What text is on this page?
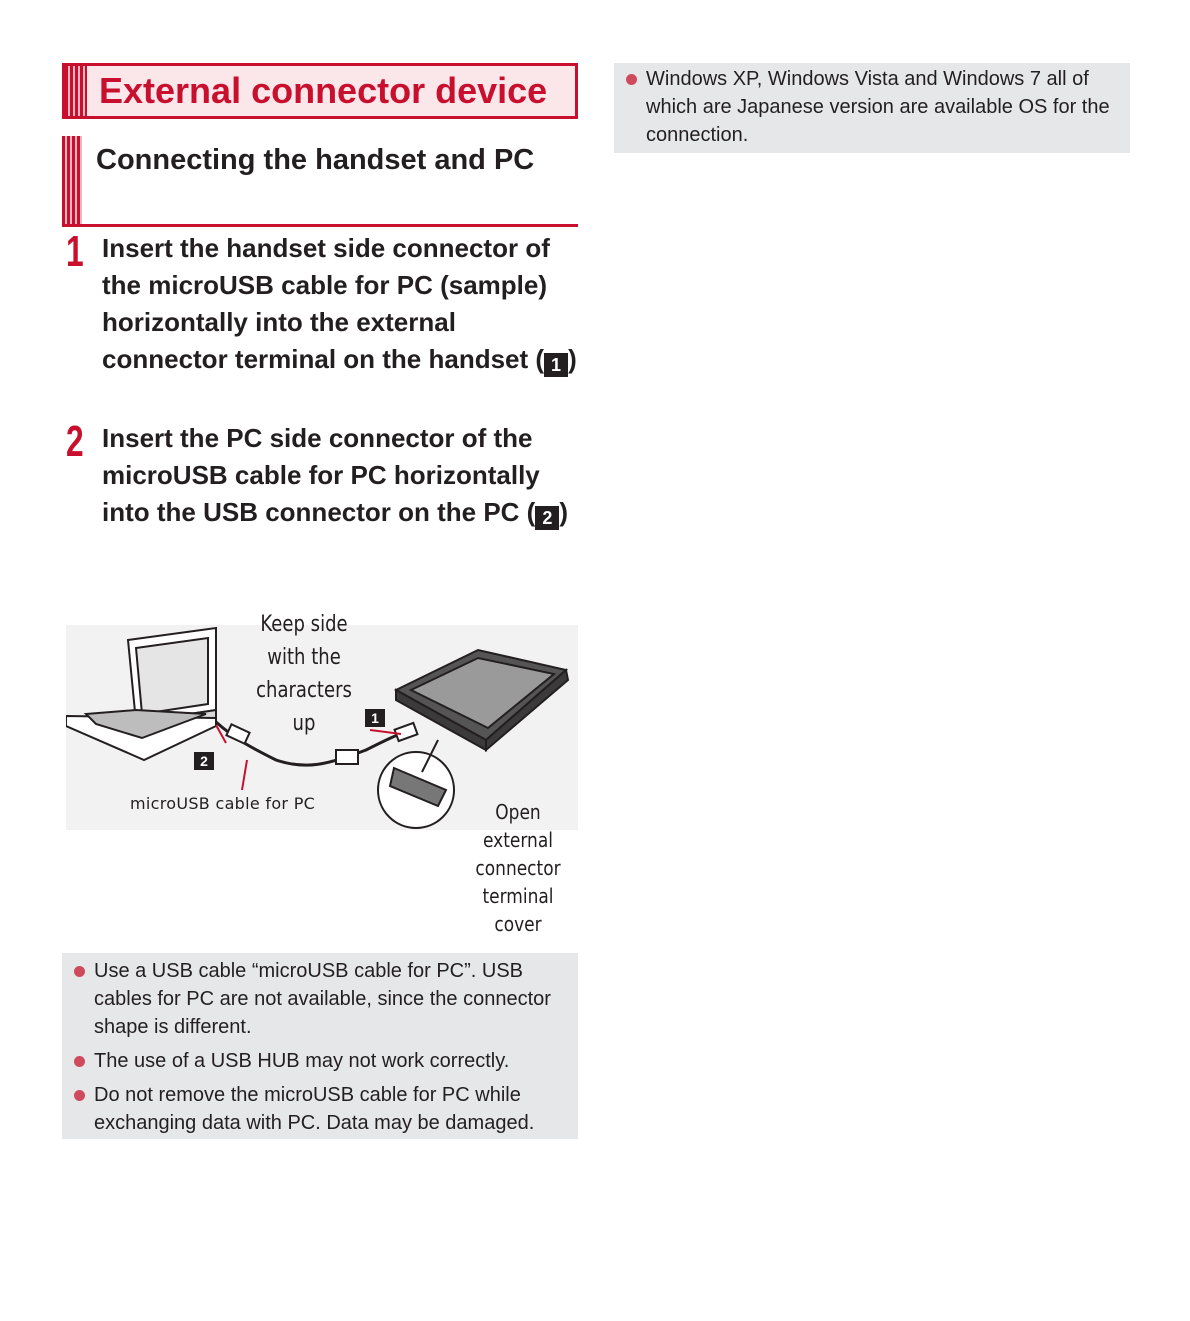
External connector device
Connecting the handset and PC
1 Insert the handset side connector of the microUSB cable for PC (sample) horizontally into the external connector terminal on the handset ( 1 )
2 Insert the PC side connector of the microUSB cable for PC horizontally into the USB connector on the PC ( 2 )
Keep side with the characters up
microUSB cable for PC	Open external connector terminal cover
1
2
Use a USB cable “microUSB cable for PC”. USB cables for PC are not available, since the connector shape is different.
The use of a USB HUB may not work correctly.
Do not remove the microUSB cable for PC while exchanging data with PC. Data may be damaged.
Windows XP, Windows Vista and Windows 7 all of which are Japanese version are available OS for the connection.
